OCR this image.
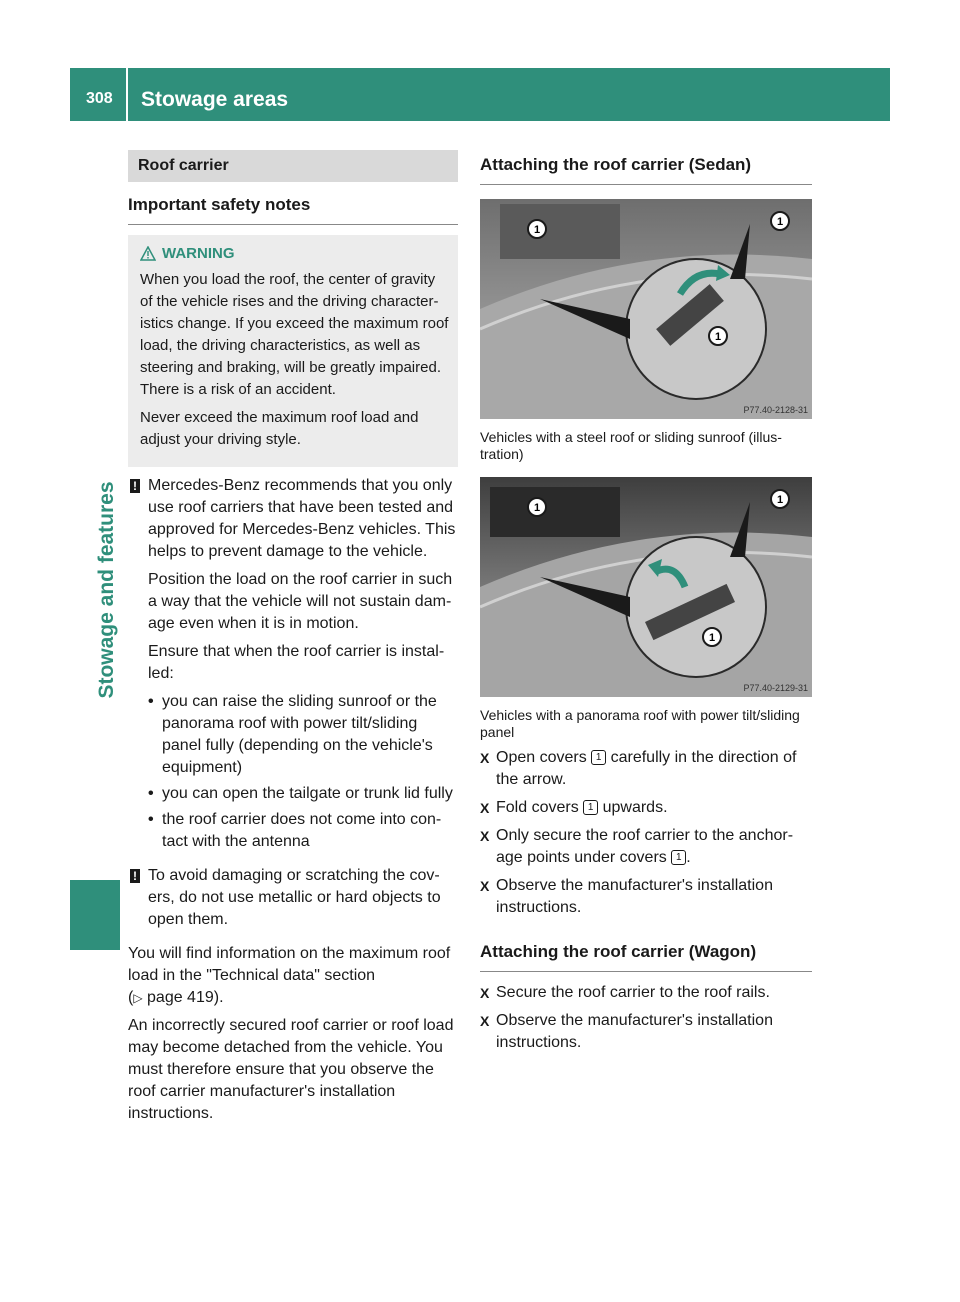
308 Stowage areas
Stowage and features
Roof carrier
Important safety notes
WARNING

When you load the roof, the center of gravity of the vehicle rises and the driving characteristics change. If you exceed the maximum roof load, the driving characteristics, as well as steering and braking, will be greatly impaired. There is a risk of an accident.

Never exceed the maximum roof load and adjust your driving style.

! Mercedes-Benz recommends that you only use roof carriers that have been tested and approved for Mercedes-Benz vehicles. This helps to prevent damage to the vehicle.

Position the load on the roof carrier in such a way that the vehicle will not sustain damage even when it is in motion.

Ensure that when the roof carrier is installed:

• you can raise the sliding sunroof or the panorama roof with power tilt/sliding panel fully (depending on the vehicle's equipment)
• you can open the tailgate or trunk lid fully
• the roof carrier does not come into contact with the antenna
! To avoid damaging or scratching the covers, do not use metallic or hard objects to open them.

You will find information on the maximum roof load in the "Technical data" section
(▷ page 419).

An incorrectly secured roof carrier or roof load may become detached from the vehicle. You must therefore ensure that you observe the roof carrier manufacturer's installation instructions.

Attaching the roof carrier (Sedan)
1
1
1
P77.40-2128-31
Vehicles with a steel roof or sliding sunroof (illustration)
1
1
1
P77.40-2129-31
Vehicles with a panorama roof with power tilt/sliding panel
X Open covers 1 carefully in the direction of the arrow.
X Fold covers 1 upwards.
X Only secure the roof carrier to the anchorage points under covers 1 .
X Observe the manufacturer's installation instructions.
Attaching the roof carrier (Wagon)
X Secure the roof carrier to the roof rails.
X Observe the manufacturer's installation instructions.
